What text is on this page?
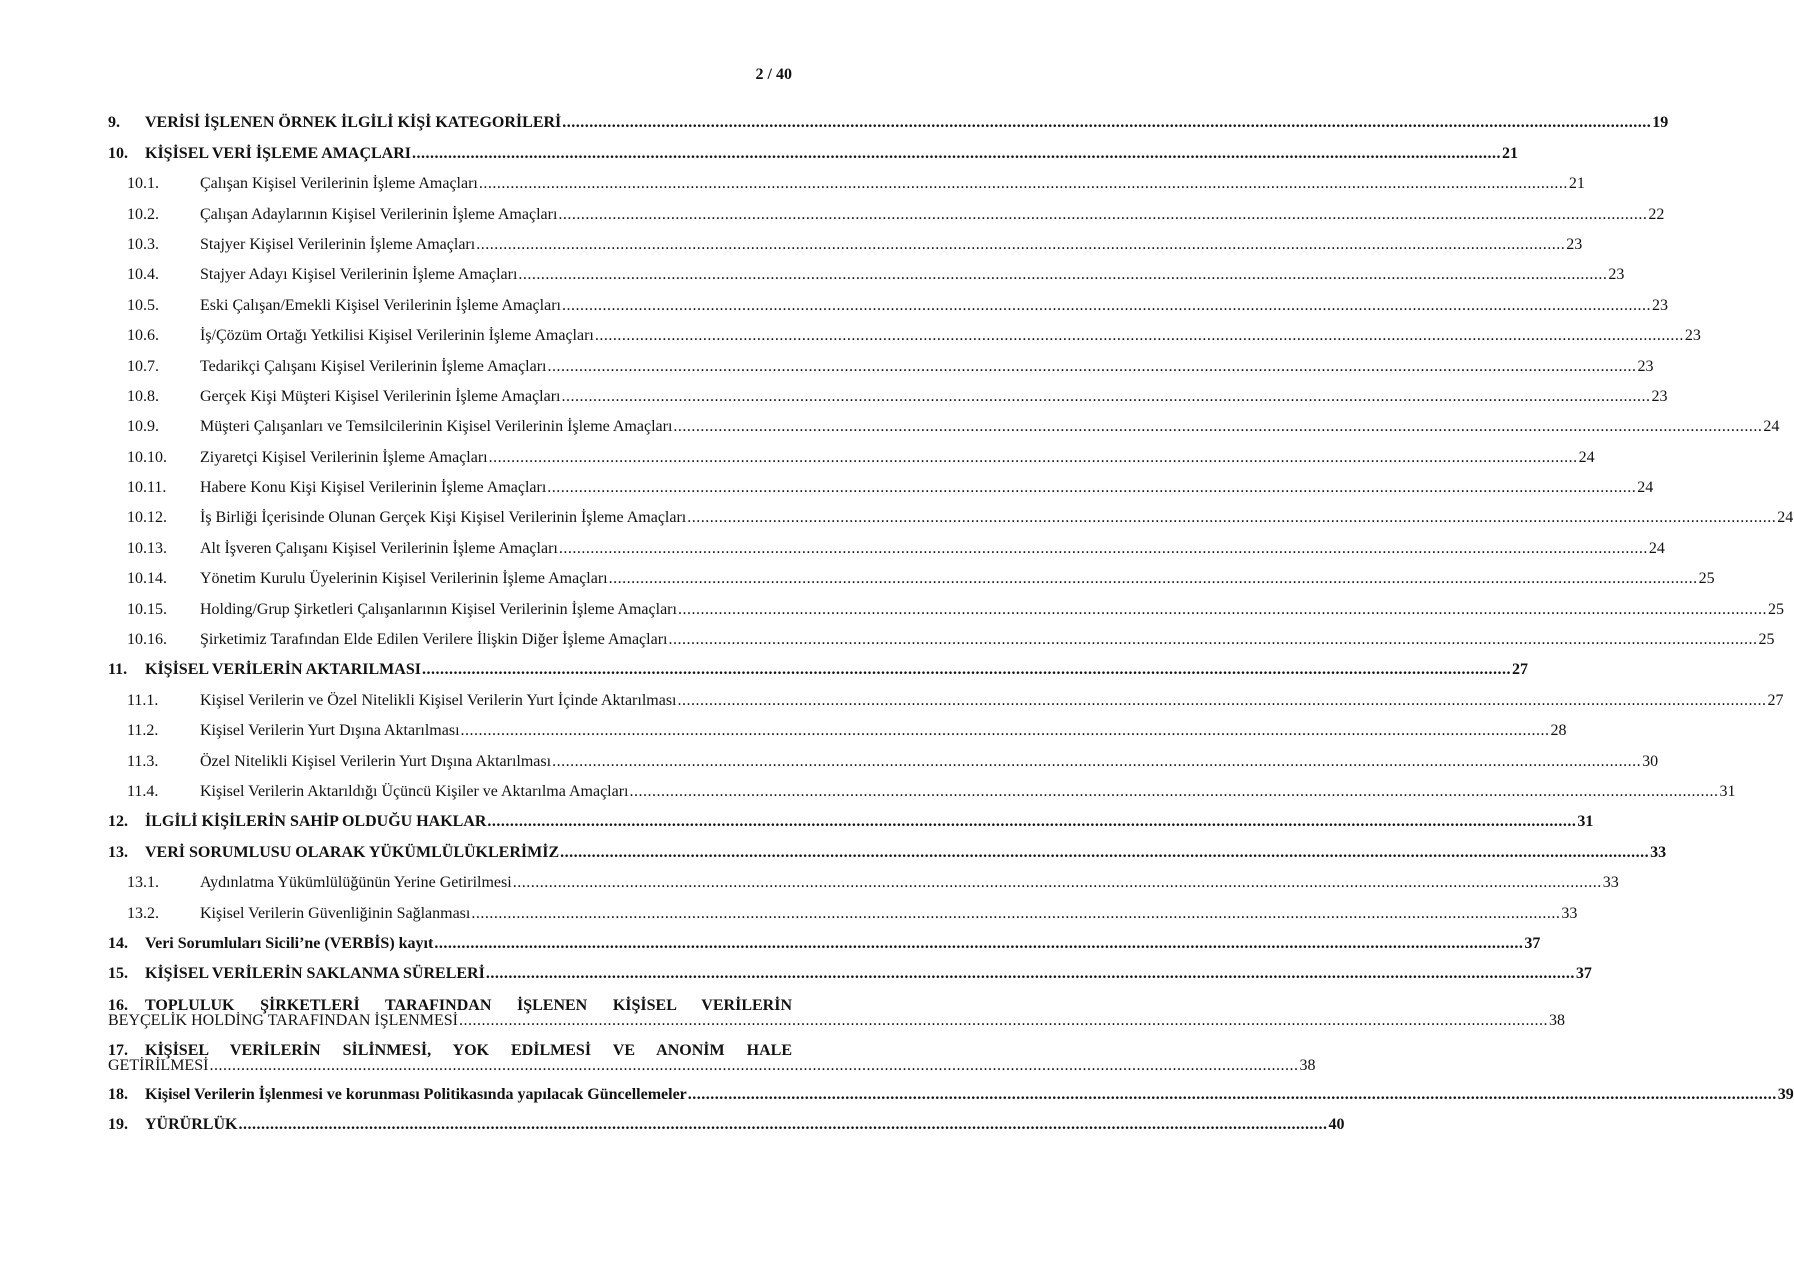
2 / 40
9.	VERİSİ İŞLENEN ÖRNEK İLGİLİ KİŞİ KATEGORİLERİ .....	19
10.	KİŞİSEL VERİ İŞLEME AMAÇLARI .....	21
10.1.	Çalışan Kişisel Verilerinin İşleme Amaçları .....	21
10.2.	Çalışan Adaylarının Kişisel Verilerinin İşleme Amaçları .....	22
10.3.	Stajyer Kişisel Verilerinin İşleme Amaçları .....	23
10.4.	Stajyer Adayı Kişisel Verilerinin İşleme Amaçları .....	23
10.5.	Eski Çalışan/Emekli Kişisel Verilerinin İşleme Amaçları .....	23
10.6.	İş/Çözüm Ortağı Yetkilisi Kişisel Verilerinin İşleme Amaçları .....	23
10.7.	Tedarikçi Çalışanı Kişisel Verilerinin İşleme Amaçları .....	23
10.8.	Gerçek Kişi Müşteri Kişisel Verilerinin İşleme Amaçları .....	23
10.9.	Müşteri Çalışanları ve Temsilcilerinin Kişisel Verilerinin İşleme Amaçları .....	24
10.10.	Ziyaretçi Kişisel Verilerinin İşleme Amaçları .....	24
10.11.	Habere Konu Kişi Kişisel Verilerinin İşleme Amaçları .....	24
10.12.	İş Birliği İçerisinde Olunan Gerçek Kişi Kişisel Verilerinin İşleme Amaçları .....	24
10.13.	Alt İşveren Çalışanı Kişisel Verilerinin İşleme Amaçları .....	24
10.14.	Yönetim Kurulu Üyelerinin Kişisel Verilerinin İşleme Amaçları .....	25
10.15.	Holding/Grup Şirketleri Çalışanlarının Kişisel Verilerinin İşleme Amaçları .....	25
10.16.	Şirketimiz Tarafından Elde Edilen Verilere İlişkin Diğer İşleme Amaçları .....	25
11.	KİŞİSEL VERİLERİN AKTARILMASI .....	27
11.1.	Kişisel Verilerin ve Özel Nitelikli Kişisel Verilerin Yurt İçinde Aktarılması .....	27
11.2.	Kişisel Verilerin Yurt Dışına Aktarılması .....	28
11.3.	Özel Nitelikli Kişisel Verilerin Yurt Dışına Aktarılması .....	30
11.4.	Kişisel Verilerin Aktarıldığı Üçüncü Kişiler ve Aktarılma Amaçları .....	31
12.	İLGİLİ KİŞİLERİN SAHİP OLDUĞU HAKLAR .....	31
13.	VERİ SORUMLUSU OLARAK YÜKÜMLÜLÜKLERİMİZ .....	33
13.1.	Aydınlatma Yükümlülüğünün Yerine Getirilmesi .....	33
13.2.	Kişisel Verilerin Güvenliğinin Sağlanması .....	33
14.	Veri Sorumluları Sicili’ne (VERBİS) kayıt .....	37
15.	KİŞİSEL VERİLERİN SAKLANMA SÜRELERİ .....	37
16.	TOPLULUK ŞİRKETLERİ TARAFINDAN İŞLENEN KİŞİSEL VERİLERİN
BEYÇELİK HOLDİNG TARAFINDAN İŞLENMESİ .....	38
17.	KİŞİSEL VERİLERİN SİLİNMESİ, YOK EDİLMESİ VE ANONİM HALE
GETİRİLMESİ .....	38
18.	Kişisel Verilerin İşlenmesi ve korunması Politikasında yapılacak Güncellemeler .....	39
19.	YÜRÜRLÜK .....	40
